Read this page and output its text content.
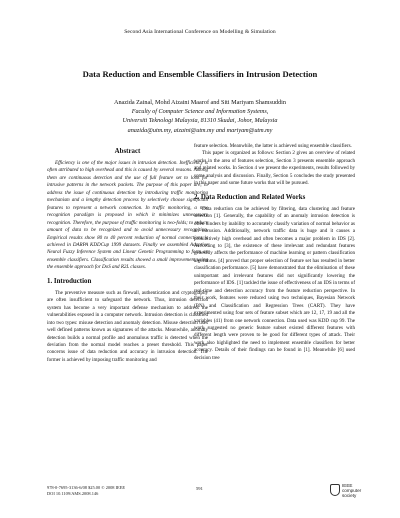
Second Asia International Conference on Modelling & Simulation
Data Reduction and Ensemble Classifiers in Intrusion Detection
Anazida Zainal, Mohd Aizaini Maarof and Siti Mariyam Shamsuddin
Faculty of Computer Science and Information Systems,
Universiti Teknologi Malaysia, 81310 Skudai, Johor, Malaysia
anazida@utm.my, aizaini@utm.my and mariyam@utm.my
Abstract

Efficiency is one of the major issues in intrusion detection. Inefficiency is often attributed to high overhead and this is caused by several reasons. Among them are continuous detection and the use of full feature set to look for intrusive patterns in the network packets. The purpose of this paper are; to address the issue of continuous detection by introducing traffic monitoring mechanism and a lengthy detection process by selectively choose significant features to represent a network connection. In traffic monitoring, a new recognition paradigm is proposed in which it minimizes unnecessary recognition. Therefore, the purpose of traffic monitoring is two-folds; to reduce amount of data to be recognized and to avoid unnecessary recognition. Empirical results show 80 to 40 percent reduction of normal connections is achieved in DARPA KDDCup 1999 datasets. Finally we assembled Adaptive Neural Fuzzy Inference System and Linear Genetic Programming to form an ensemble classifiers. Classification results showed a small improvement using the ensemble approach for DoS and R2L classes.

1. Introduction

The preventive measure such as firewall, authentication and cryptography are often insufficient to safeguard the network. Thus, intrusion detection system has become a very important defense mechanism to address the vulnerabilities exposed in a computer network. Intrusion detection is classified into two types: misuse detection and anomaly detection. Misuse detection uses well defined patterns known as signatures of the attacks. Meanwhile, anomaly detection builds a normal profile and anomalous traffic is detected when the deviation from the normal model reaches a preset threshold. This paper concerns issue of data reduction and accuracy in intrusion detection. The former is achieved by imposing traffic monitoring and

feature selection. Meanwhile, the latter is achieved using ensemble classifiers.

This paper is organized as follows: Section 2 gives an overview of related works in the area of features selection, Section 3 presents ensemble approach and related works. In Section 4 we present the experiments, results followed by some analysis and discussion. Finally, Section 5 concludes the study presented in this paper and some future works that will be pursued.

2. Data Reduction and Related Works

Data reduction can be achieved by filtering, data clustering and feature selection [1]. Generally, the capability of an anomaly intrusion detection is often hinders by inability to accurately classify variation of normal behavior as an intrusion. Additionally, network traffic data is huge and it causes a prohibitively high overhead and often becomes a major problem in IDS [2]. According to [3], the existence of these irrelevant and redundant features generally affects the performance of machine learning or pattern classification algorithms. [4] proved that proper selection of feature set has resulted in better classification performance. [5] have demonstrated that the elimination of these unimportant and irrelevant features did not significantly lowering the performance of IDS. [1] tackled the issue of effectiveness of an IDS in terms of real-time and detection accuracy from the feature reduction perspective. In their work, features were reduced using two techniques, Bayesian Network (BN) and Classification and Regression Trees (CART). They have experimented using four sets of feature subset which are 12, 17, 19 and all the variables (41) from one network connection. Data used was KDD cup 99. The work suggested no generic feature subset existed different features with different length were proven to be good for different types of attack. Their work also highlighted the need to implement ensemble classifiers for better accuracy. Details of their findings can be found in [1]. Meanwhile [6] used decision tree

978-0-7695-3136-6/08 $25.00 © 2008 IEEE
DOI 10.1109/AMS.2008.146
591
IEEE
computer
society
